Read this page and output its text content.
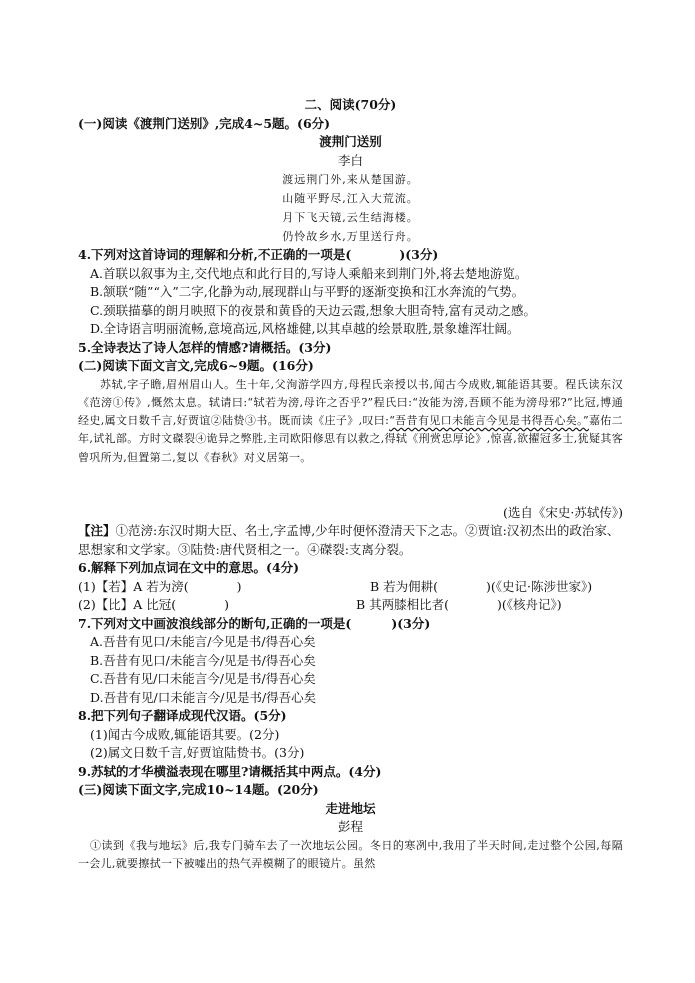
二、阅读(70分)
(一)阅读《渡荆门送别》,完成4~5题。(6分)
渡荆门送别
李白
渡远荆门外,来从楚国游。
山随平野尽,江入大荒流。
月下飞天镜,云生结海楼。
仍怜故乡水,万里送行舟。
4.下列对这首诗词的理解和分析,不正确的一项是(	)(3分)
A.首联以叙事为主,交代地点和此行目的,写诗人乘船来到荆门外,将去楚地游览。
B.颔联“随”“入”二字,化静为动,展现群山与平野的逐渐变换和江水奔流的气势。
C.颈联描摹的朗月映照下的夜景和黄昏的天边云霞,想象大胆奇特,富有灵动之感。
D.全诗语言明丽流畅,意境高远,风格雄健,以其卓越的绘景取胜,景象雄浑壮阔。
5.全诗表达了诗人怎样的情感?请概括。(3分)
(二)阅读下面文言文,完成6~9题。(16分)
苏轼,字子瞻,眉州眉山人。生十年,父洵游学四方,母程氏亲授以书,闻古今成败,辄能语其要。程氏读东汉《范滂①传》,慨然太息。轼请曰:“轼若为滂,母许之否乎?”程氏曰:“汝能为滂,吾顾不能为滂母邪?”比冠,博通经史,属文日数千言,好贾谊②陆贽③书。既而读《庄子》,叹曰:“吾昔有见口未能言今见是书得吾心矣。”嘉佑二年,试礼部。方时文磔裂④诡异之弊胜,主司欧阳修思有以救之,得轼《刑赏忠厚论》,惊喜,欲擢冠多士,犹疑其客曾巩所为,但置第二,复以《春秋》对义居第一。
(选自《宋史·苏轼传》)
【注】①范滂:东汉时期大臣、名士,字孟博,少年时便怀澄清天下之志。②贾谊:汉初杰出的政治家、思想家和文学家。③陆贽:唐代贤相之一。④磔裂:支离分裂。
6.解释下列加点词在文中的意思。(4分)
(1)【若】A 若为滂(	)	B 若为佣耕(	)(《史记·陈涉世家》)
(2)【比】A 比冠(	)	B 其两膝相比者(	)(《核舟记》)
7.下列对文中画波浪线部分的断句,正确的一项是(	)(3分)
A.吾昔有见口/未能言/今见是书/得吾心矣
B.吾昔有见口/未能言今/见是书/得吾心矣
C.吾昔有见/口未能言今/见是书/得吾心矣
D.吾昔有见/口未能言今/见是书/得吾心矣
8.把下列句子翻译成现代汉语。(5分)
(1)闻古今成败,辄能语其要。(2分)
(2)属文日数千言,好贾谊陆贽书。(3分)
9.苏轼的才华横溢表现在哪里?请概括其中两点。(4分)
(三)阅读下面文字,完成10~14题。(20分)
走进地坛
彭程
①读到《我与地坛》后,我专门骑车去了一次地坛公园。冬日的寒冽中,我用了半天时间,走过整个公园,每隔一会儿,就要擦拭一下被嘘出的热气弄模糊了的眼镜片。虽然
